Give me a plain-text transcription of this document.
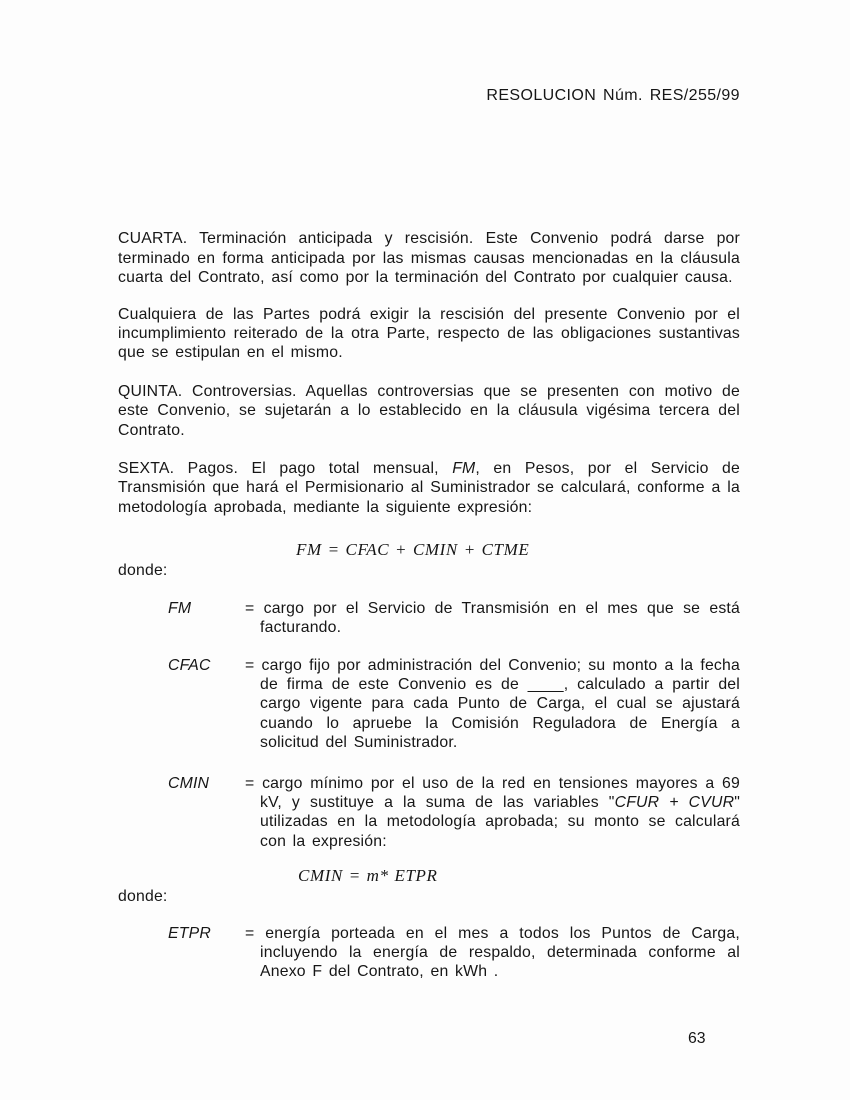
RESOLUCION Núm. RES/255/99

CUARTA. Terminación anticipada y rescisión. Este Convenio podrá darse por terminado en forma anticipada por las mismas causas mencionadas en la cláusula cuarta del Contrato, así como por la terminación del Contrato por cualquier causa.

Cualquiera de las Partes podrá exigir la rescisión del presente Convenio por el incumplimiento reiterado de la otra Parte, respecto de las obligaciones sustantivas que se estipulan en el mismo.

QUINTA. Controversias. Aquellas controversias que se presenten con motivo de este Convenio, se sujetarán a lo establecido en la cláusula vigésima tercera del Contrato.

SEXTA. Pagos. El pago total mensual, FM, en Pesos, por el Servicio de Transmisión que hará el Permisionario al Suministrador se calculará, conforme a la metodología aprobada, mediante la siguiente expresión:

FM = CFAC + CMIN + CTME
donde:
FM	= cargo por el Servicio de Transmisión en el mes que se está facturando.
CFAC	= cargo fijo por administración del Convenio; su monto a la fecha de firma de este Convenio es de ____, calculado a partir del cargo vigente para cada Punto de Carga, el cual se ajustará cuando lo apruebe la Comisión Reguladora de Energía a solicitud del Suministrador.
CMIN	= cargo mínimo por el uso de la red en tensiones mayores a 69 kV, y sustituye a la suma de las variables "CFUR + CVUR" utilizadas en la metodología aprobada; su monto se calculará con la expresión:
CMIN = m* ETPR
donde:
ETPR	= energía porteada en el mes a todos los Puntos de Carga, incluyendo la energía de respaldo, determinada conforme al Anexo F del Contrato, en kWh .
63
